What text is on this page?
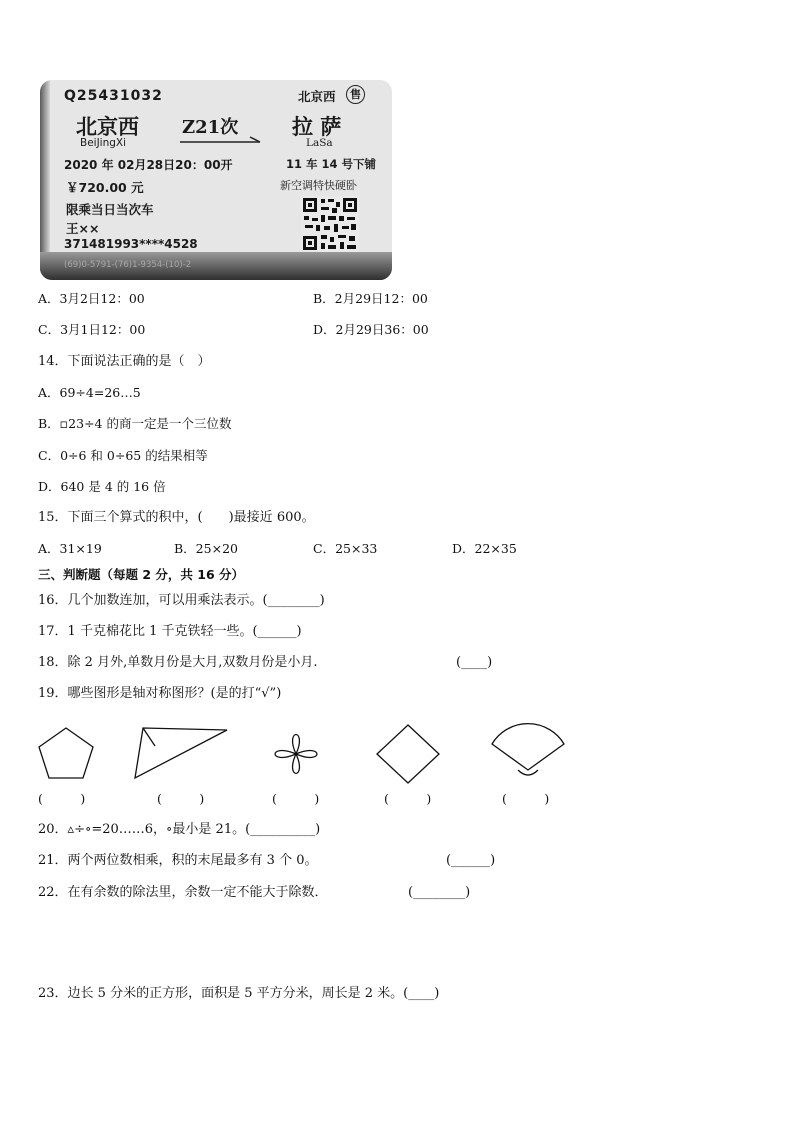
Q25431032	北京西	售
北京西
BeiJingXi
Z21次	拉 萨
LaSa
2020 年 02月28日20：00开	11 车 14 号下铺
￥720.00 元	新空调特快硬卧
限乘当日当次车
王××
371481993****4528
(69)0-5791-(76)1-9354-(10)-2
A．3月2日12：00	B．2月29日12：00
C．3月1日12：00	D．2月29日36：00
14．下面说法正确的是（　）
A．69÷4=26…5
B．▫23÷4 的商一定是一个三位数
C．0÷6 和 0÷65 的结果相等
D．640 是 4 的 16 倍
15．下面三个算式的积中，(　　)最接近 600。
A．31×19	B．25×20	C．25×33	D．22×35
三、判断题（每题 2 分，共 16 分）
16．几个加数连加，可以用乘法表示。(________)
17．1 千克棉花比 1 千克铁轻一些。(______)
18．除 2 月外,单数月份是大月,双数月份是小月.	(____)
19．哪些图形是轴对称图形？(是的打“√”)
(　　　)	(　　　)	(　　　)	(　　　)	(　　　)
20．▵÷∘=20……6，∘最小是 21。(__________)
21．两个两位数相乘，积的末尾最多有 3 个 0。	(______)
22．在有余数的除法里，余数一定不能大于除数．	(________)
23．边长 5 分米的正方形，面积是 5 平方分米，周长是 2 米。(____)
